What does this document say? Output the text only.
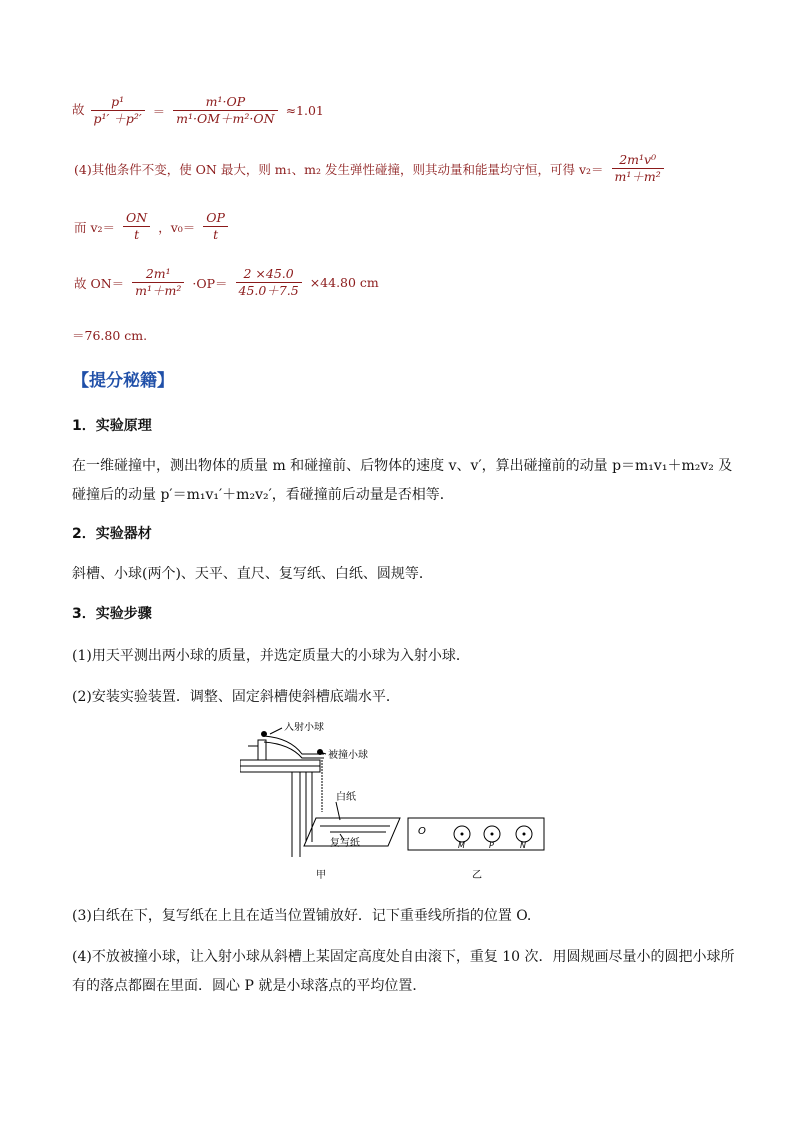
故 $\frac{\text{p¹}}{\text{p¹′ ＋p²′}} = \frac{\text{m¹·OP}}{\text{m¹·OM＋m²·ON}} \approx 1.01$
(4)其他条件不变，使 ON 最大，则 m₁、m₂ 发生弹性碰撞，则其动量和能量均守恒，可得 $v_2= \frac{\text{2m¹v⁰}}{\text{m¹＋m²}}$
而 $v_2= \frac{ON}{t}$ ，$v_0= \frac{OP}{t}$
故 $ON= \frac{\text{2m¹}}{\text{m¹＋m²}} \cdot OP= \frac{2 \times 45.0}{45.0+7.5} \times 44.80$ cm
＝76.80 cm.
【提分秘籍】
1．实验原理
在一维碰撞中，测出物体的质量 m 和碰撞前、后物体的速度 v、v′，算出碰撞前的动量 p＝m₁v₁＋m₂v₂ 及
碰撞后的动量 p′＝m₁v₁′＋m₂v₂′，看碰撞前后动量是否相等．
2．实验器材
斜槽、小球(两个)、天平、直尺、复写纸、白纸、圆规等．
3．实验步骤
(1)用天平测出两小球的质量，并选定质量大的小球为入射小球．
(2)安装实验装置．调整、固定斜槽使斜槽底端水平．
入射小球
被撞小球
白纸
复写纸
甲	乙
O
M	P	N
(3)白纸在下，复写纸在上且在适当位置铺放好．记下重垂线所指的位置 O.
(4)不放被撞小球，让入射小球从斜槽上某固定高度处自由滚下，重复 10 次．用圆规画尽量小的圆把小球所
有的落点都圈在里面．圆心 P 就是小球落点的平均位置．
